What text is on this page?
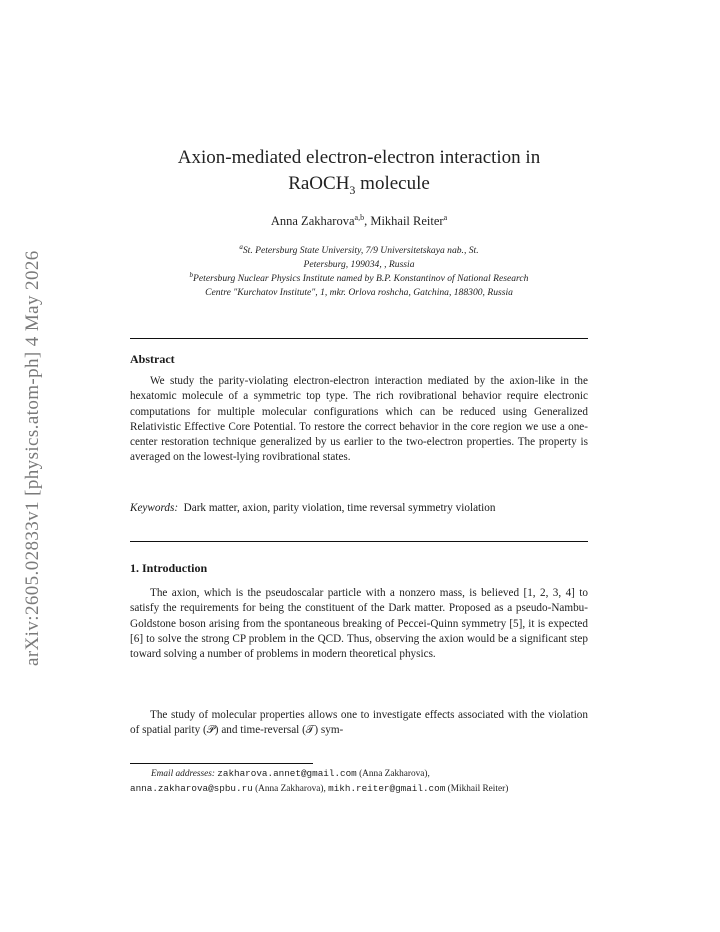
arXiv:2605.02833v1 [physics.atom-ph] 4 May 2026
Axion-mediated electron-electron interaction in
RaOCH$_3$ molecule
Anna Zakharova$^{a,b}$, Mikhail Reiter$^a$
$^a$St. Petersburg State University, 7/9 Universitetskaya nab., St.
Petersburg, 199034, , Russia
$^b$Petersburg Nuclear Physics Institute named by B.P. Konstantinov of National Research
Centre "Kurchatov Institute", 1, mkr. Orlova roshcha, Gatchina, 188300, Russia
Abstract
We study the parity-violating electron-electron interaction mediated by the axion-like in the hexatomic molecule of a symmetric top type. The rich rovibrational behavior require electronic computations for multiple molecular configurations which can be reduced using Generalized Relativistic Effective Core Potential. To restore the correct behavior in the core region we use a one-center restoration technique generalized by us earlier to the two-electron properties. The property is averaged on the lowest-lying rovibrational states.
Keywords: Dark matter, axion, parity violation, time reversal symmetry violation
1. Introduction
The axion, which is the pseudoscalar particle with a nonzero mass, is believed [1, 2, 3, 4] to satisfy the requirements for being the constituent of the Dark matter. Proposed as a pseudo-Nambu-Goldstone boson arising from the spontaneous breaking of Peccei-Quinn symmetry [5], it is expected [6] to solve the strong CP problem in the QCD. Thus, observing the axion would be a significant step toward solving a number of problems in modern theoretical physics.
The study of molecular properties allows one to investigate effects associated with the violation of spatial parity (𝒫) and time-reversal (𝒯) sym-
Email addresses: zakharova.annet@gmail.com (Anna Zakharova),
anna.zakharova@spbu.ru (Anna Zakharova), mikh.reiter@gmail.com (Mikhail Reiter)
